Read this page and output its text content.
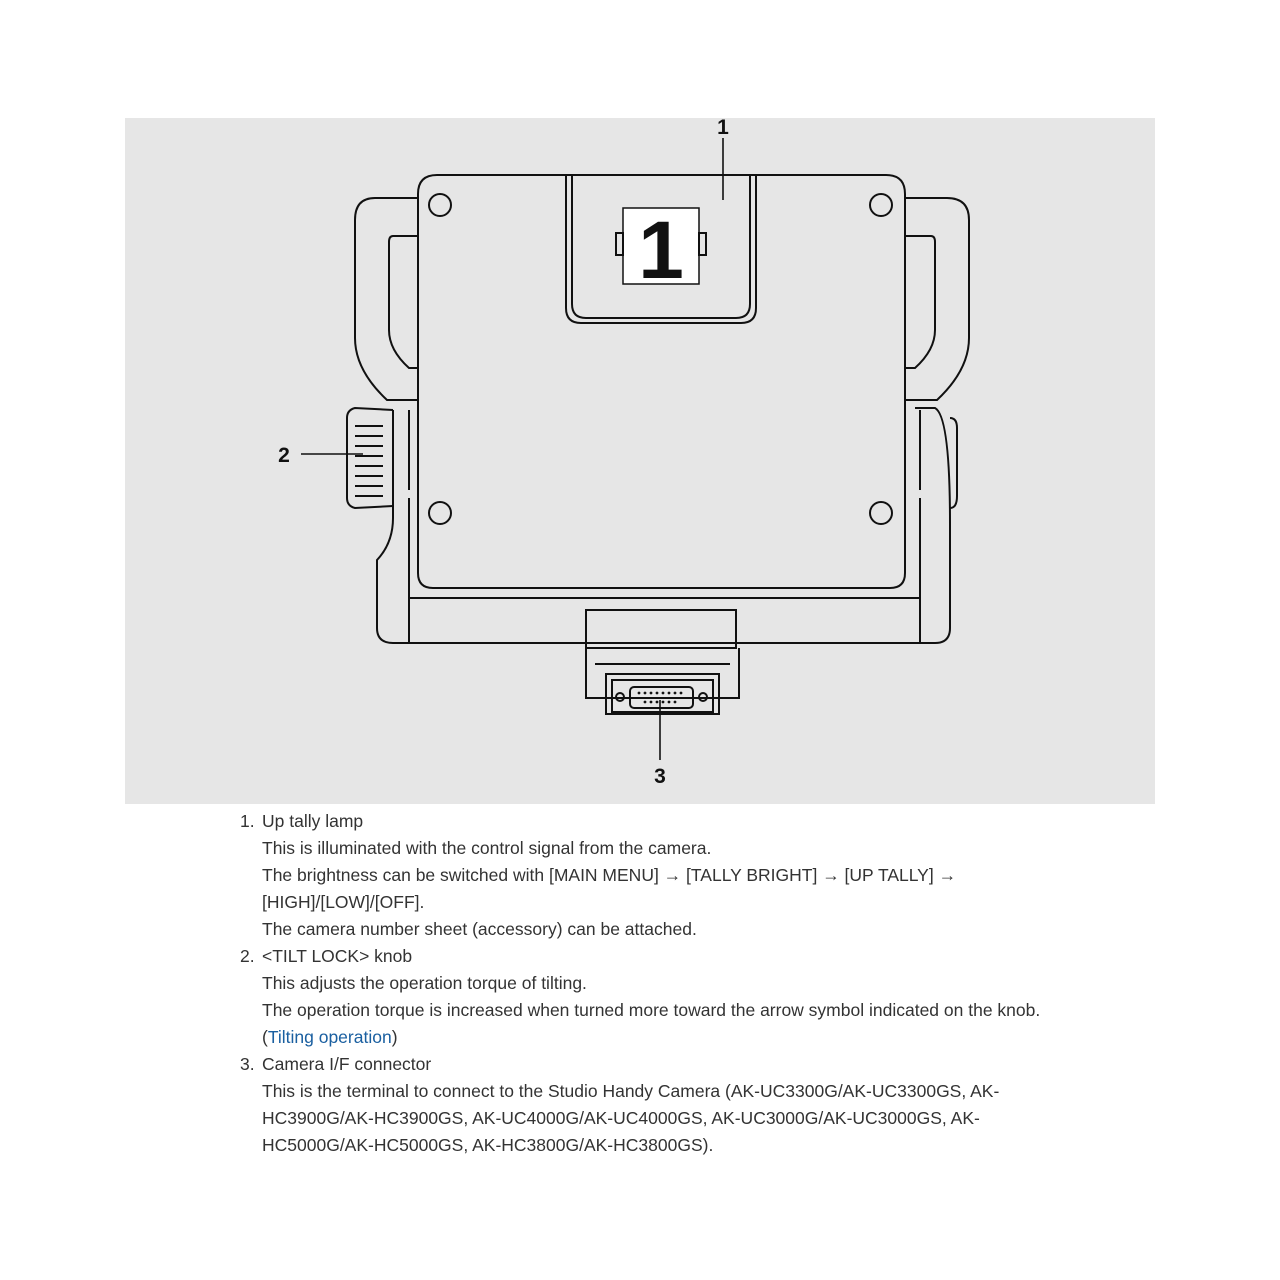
1
1
2
3
1. Up tally lamp

This is illuminated with the control signal from the camera.

The brightness can be switched with [MAIN MENU] → [TALLY BRIGHT] → [UP TALLY] →

[HIGH]/[LOW]/[OFF].

The camera number sheet (accessory) can be attached.

2. <TILT LOCK> knob

This adjusts the operation torque of tilting.

The operation torque is increased when turned more toward the arrow symbol indicated on the knob.

(Tilting operation)

3. Camera I/F connector

This is the terminal to connect to the Studio Handy Camera (AK-UC3300G/AK-UC3300GS, AK-

HC3900G/AK-HC3900GS, AK-UC4000G/AK-UC4000GS, AK-UC3000G/AK-UC3000GS, AK-

HC5000G/AK-HC5000GS, AK-HC3800G/AK-HC3800GS).
